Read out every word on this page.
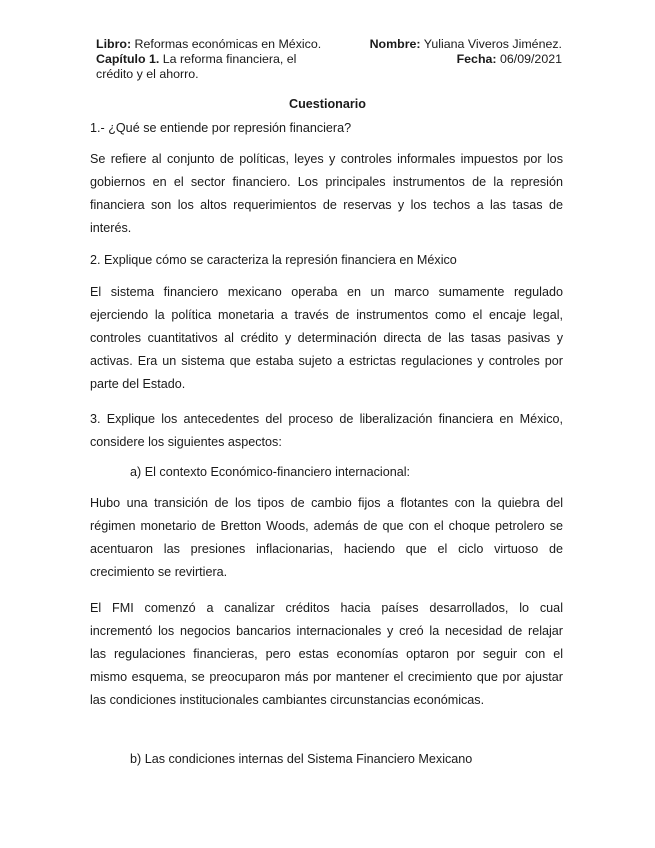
Libro: Reformas económicas en México.
Capítulo 1. La reforma financiera, el
crédito y el ahorro.
Nombre: Yuliana Viveros Jiménez.
Fecha: 06/09/2021
Cuestionario
1.- ¿Qué se entiende por represión financiera?
Se refiere al conjunto de políticas, leyes y controles informales impuestos por los
gobiernos en el sector financiero. Los principales instrumentos de la represión
financiera son los altos requerimientos de reservas y los techos a las tasas de
interés.
2. Explique cómo se caracteriza la represión financiera en México
El sistema financiero mexicano operaba en un marco sumamente regulado
ejerciendo la política monetaria a través de instrumentos como el encaje legal,
controles cuantitativos al crédito y determinación directa de las tasas pasivas y
activas. Era un sistema que estaba sujeto a estrictas regulaciones y controles por
parte del Estado.
3. Explique los antecedentes del proceso de liberalización financiera en México,
considere los siguientes aspectos:
a) El contexto Económico-financiero internacional:
Hubo una transición de los tipos de cambio fijos a flotantes con la quiebra del
régimen monetario de Bretton Woods, además de que con el choque petrolero se
acentuaron las presiones inflacionarias, haciendo que el ciclo virtuoso de
crecimiento se revirtiera.
El FMI comenzó a canalizar créditos hacia países desarrollados, lo cual
incrementó los negocios bancarios internacionales y creó la necesidad de relajar
las regulaciones financieras, pero estas economías optaron por seguir con el
mismo esquema, se preocuparon más por mantener el crecimiento que por ajustar
las condiciones institucionales cambiantes circunstancias económicas.
b) Las condiciones internas del Sistema Financiero Mexicano
